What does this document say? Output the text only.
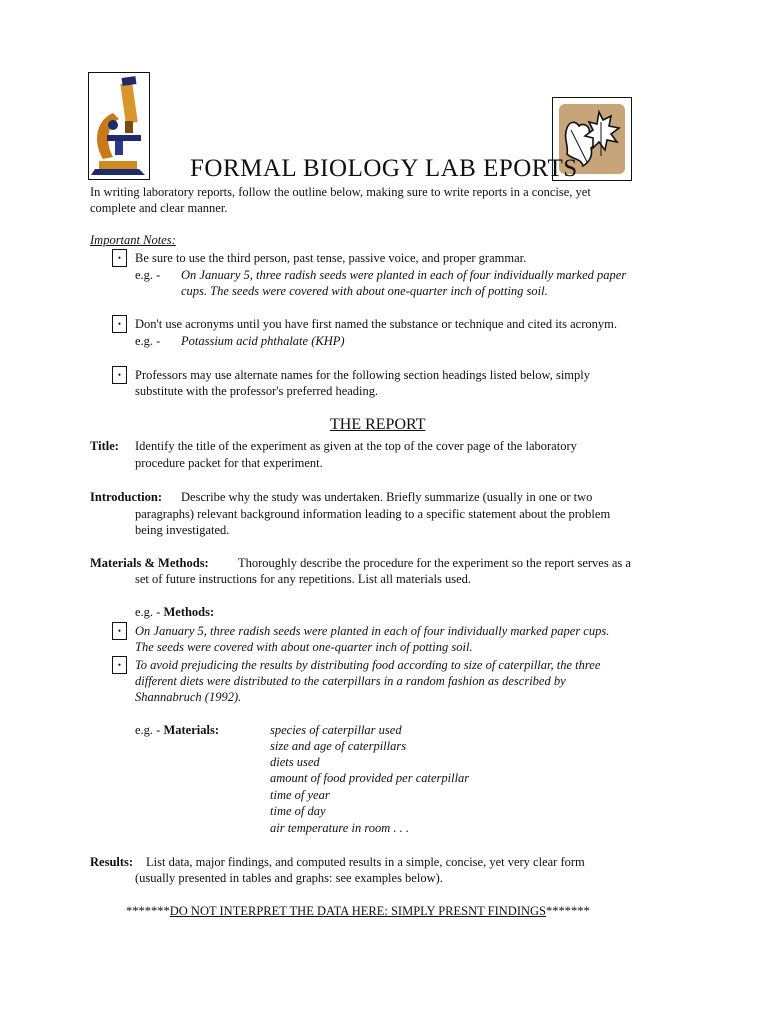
FORMAL BIOLOGY LAB EPORTS
In writing laboratory reports, follow the outline below, making sure to write reports in a concise, yet
complete and clear manner.
Important Notes:
•	Be sure to use the third person, past tense, passive voice, and proper grammar.
e.g. - On January 5, three radish seeds were planted in each of four individually marked paper
cups. The seeds were covered with about one-quarter inch of potting soil.
•	Don't use acronyms until you have first named the substance or technique and cited its acronym.
e.g. - Potassium acid phthalate (KHP)
•	Professors may use alternate names for the following section headings listed below, simply
substitute with the professor's preferred heading.
THE REPORT
Title: Identify the title of the experiment as given at the top of the cover page of the laboratory
procedure packet for that experiment.
Introduction: Describe why the study was undertaken. Briefly summarize (usually in one or two
paragraphs) relevant background information leading to a specific statement about the problem
being investigated.
Materials & Methods: Thoroughly describe the procedure for the experiment so the report serves as a
set of future instructions for any repetitions. List all materials used.
e.g. - Methods:
•	On January 5, three radish seeds were planted in each of four individually marked paper cups.
The seeds were covered with about one-quarter inch of potting soil.
•	To avoid prejudicing the results by distributing food according to size of caterpillar, the three
different diets were distributed to the caterpillars in a random fashion as described by
Shannabruch (1992).
e.g. - Materials:	species of caterpillar used
size and age of caterpillars
diets used
amount of food provided per caterpillar
time of year
time of day
air temperature in room . . .
Results: List data, major findings, and computed results in a simple, concise, yet very clear form
(usually presented in tables and graphs: see examples below).
*******DO NOT INTERPRET THE DATA HERE: SIMPLY PRESNT FINDINGS*******
